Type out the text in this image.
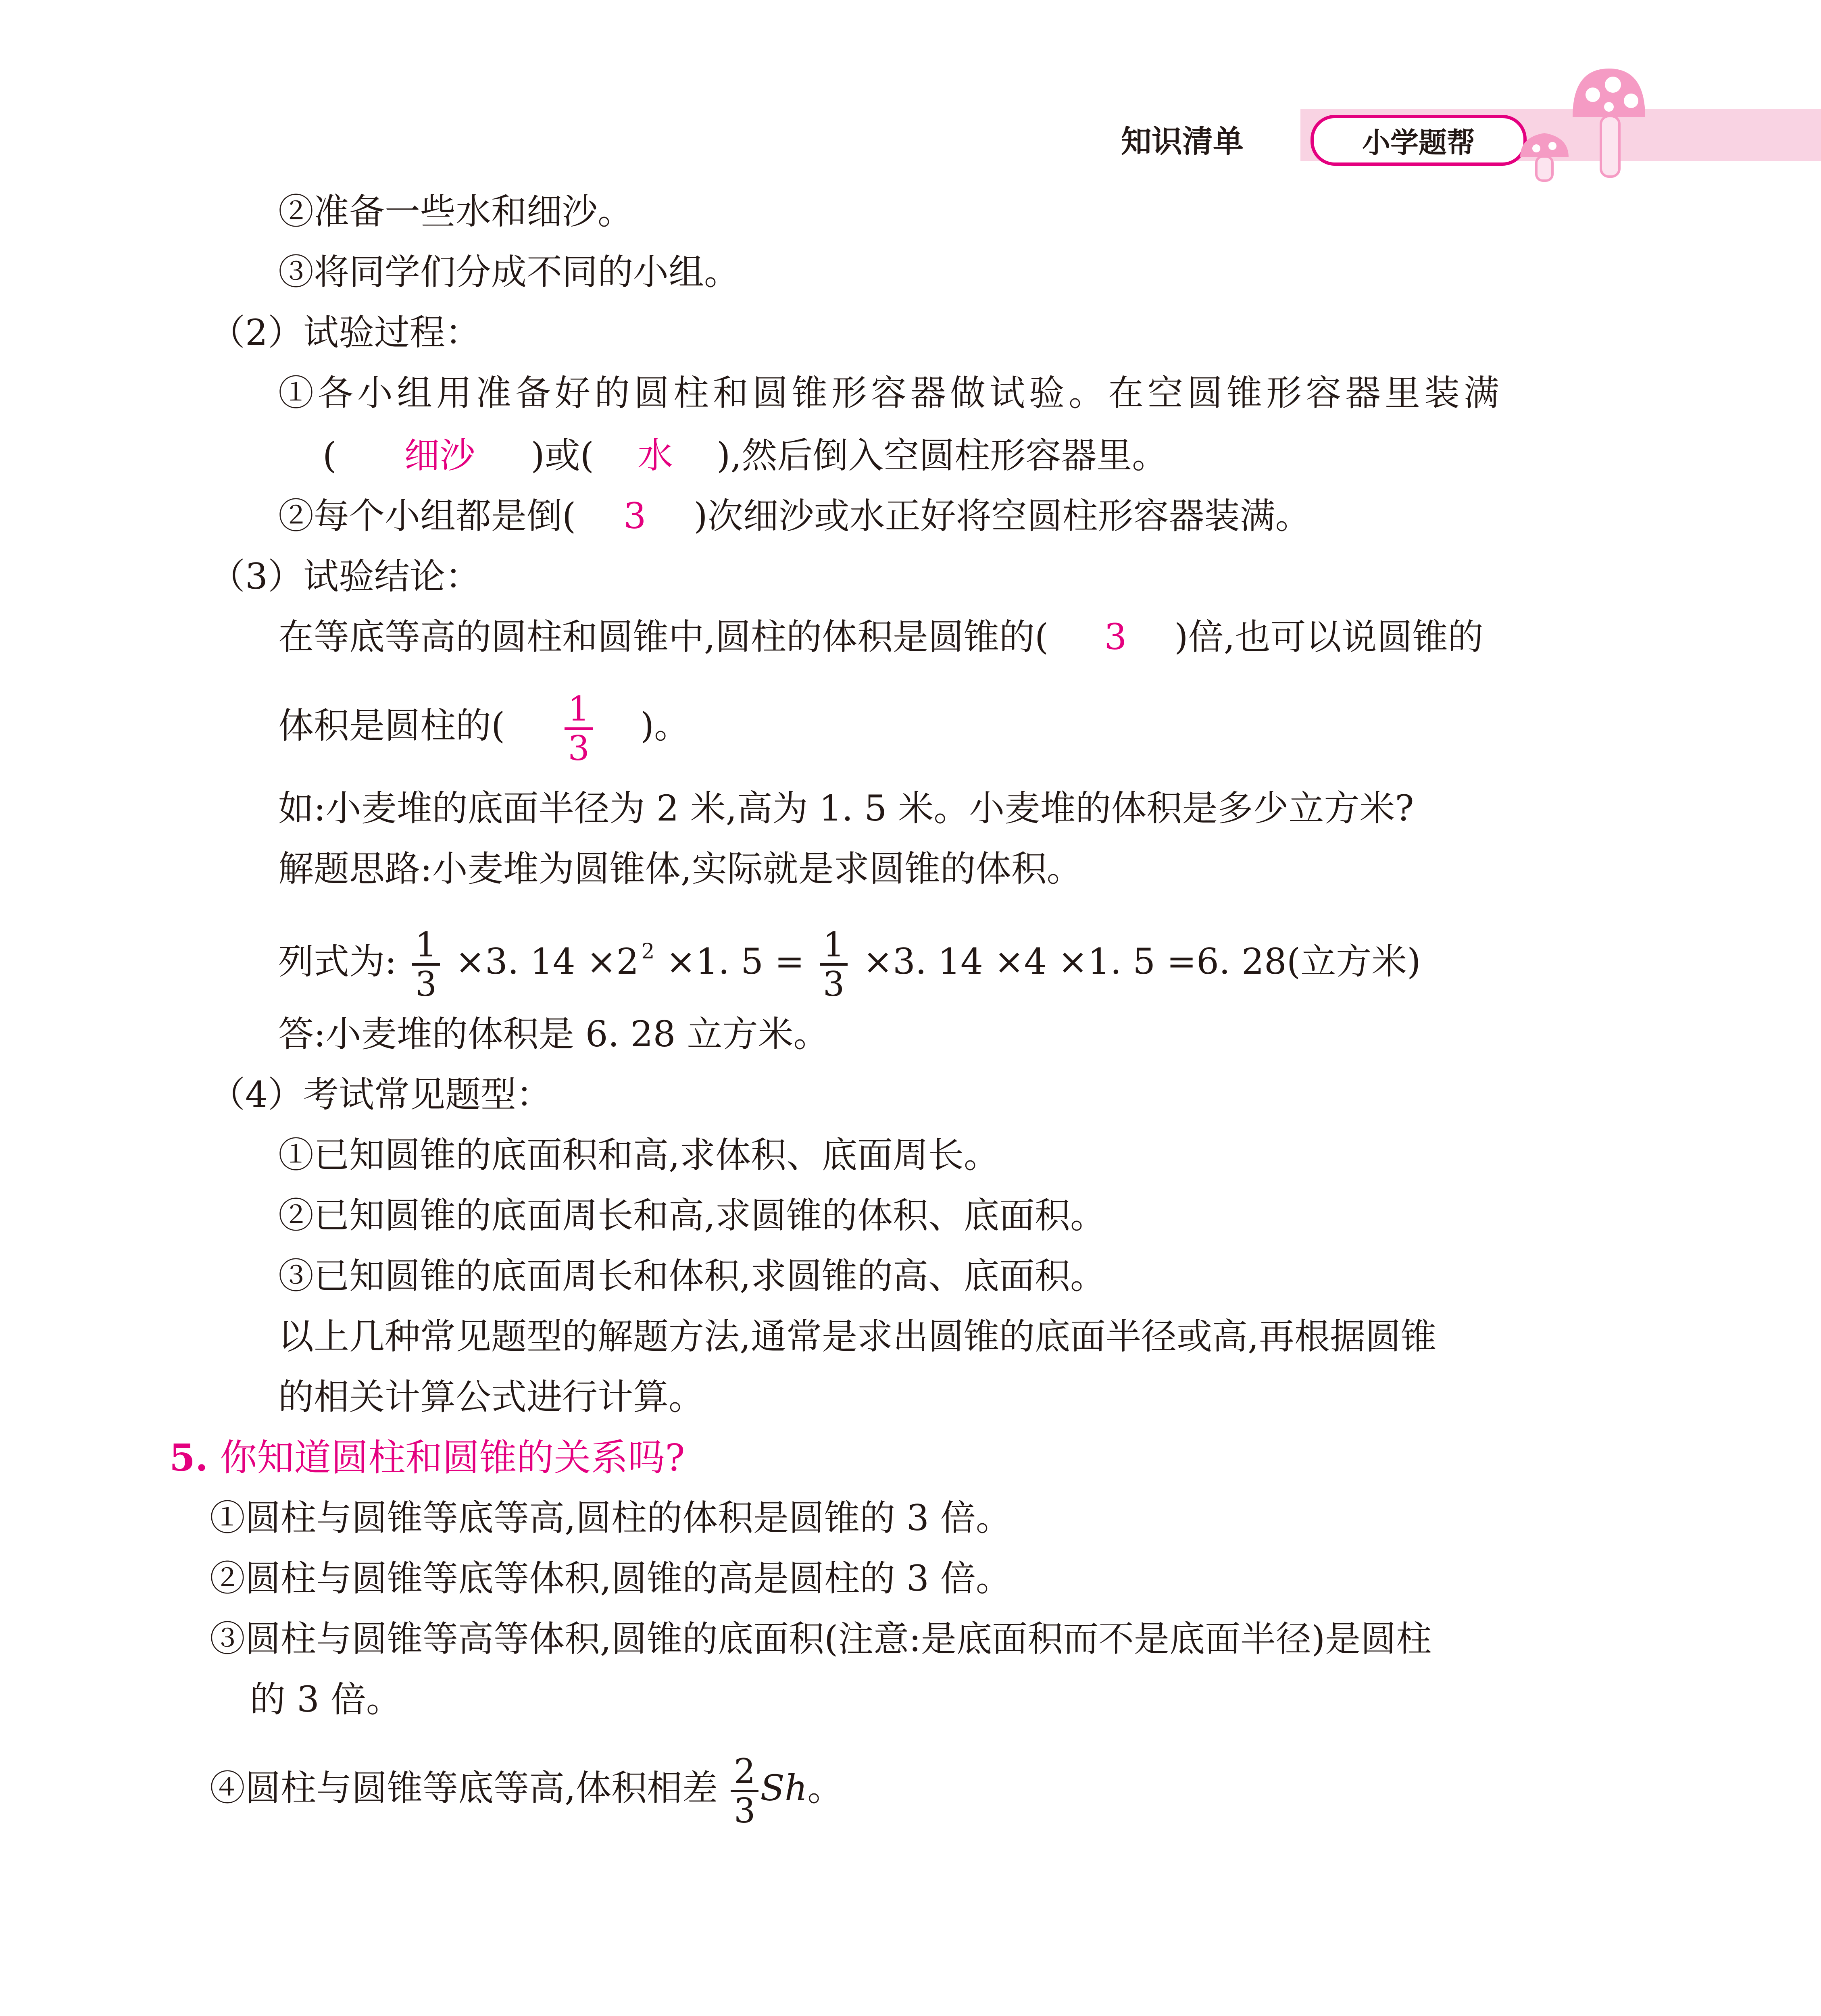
知识清单	小学题帮
②准备一些水和细沙。
③将同学们分成不同的小组。
（2）试验过程：
①各小组用准备好的圆柱和圆锥形容器做试验。在空圆锥形容器里装满
( 细沙 )或( 水 ),然后倒入空圆柱形容器里。
②每个小组都是倒( 3 )次细沙或水正好将空圆柱形容器装满。
（3）试验结论：
在等底等高的圆柱和圆锥中,圆柱的体积是圆锥的( 3 )倍,也可以说圆锥的
体积是圆柱的( 1
3
)。
如:小麦堆的底面半径为 2 米,高为 1. 5 米。小麦堆的体积是多少立方米?
解题思路:小麦堆为圆锥体,实际就是求圆锥的体积。
列式为: 1
3
×3. 14 ×2 $^2$ ×1. 5 = 1
3
×3. 14 ×4 ×1. 5 =6. 28(立方米)
答:小麦堆的体积是 6. 28 立方米。
（4）考试常见题型：
①已知圆锥的底面积和高,求体积、底面周长。
②已知圆锥的底面周长和高,求圆锥的体积、底面积。
③已知圆锥的底面周长和体积,求圆锥的高、底面积。
以上几种常见题型的解题方法,通常是求出圆锥的底面半径或高,再根据圆锥
的相关计算公式进行计算。
5. 你知道圆柱和圆锥的关系吗?
①圆柱与圆锥等底等高,圆柱的体积是圆锥的 3 倍。
②圆柱与圆锥等底等体积,圆锥的高是圆柱的 3 倍。
③圆柱与圆锥等高等体积,圆锥的底面积(注意:是底面积而不是底面半径)是圆柱
的 3 倍。
④圆柱与圆锥等底等高,体积相差 2
3
Sh。
